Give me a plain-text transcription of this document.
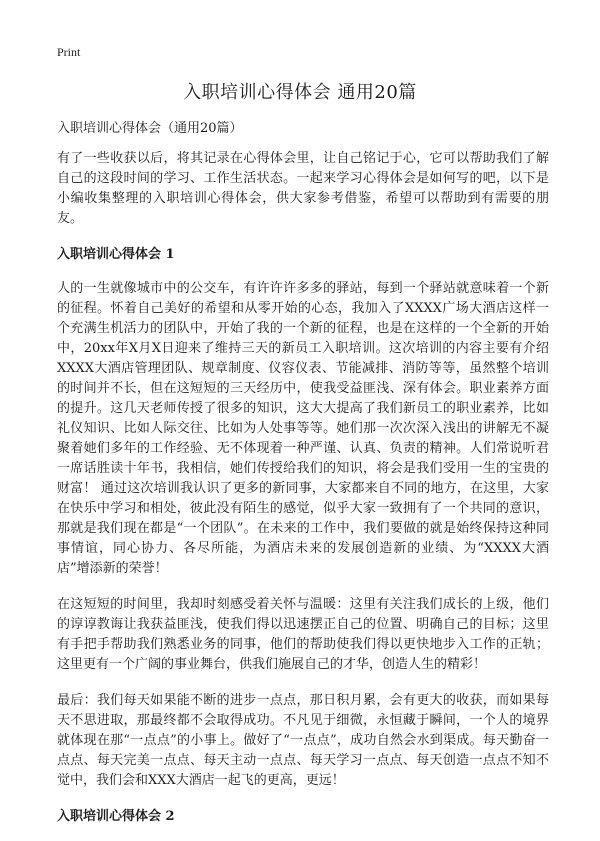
Print
入职培训心得体会 通用20篇

入职培训心得体会（通用20篇）

有了一些收获以后，将其记录在心得体会里，让自己铭记于心，它可以帮助我们了解自己的这段时间的学习、工作生活状态。一起来学习心得体会是如何写的吧，以下是小编收集整理的入职培训心得体会，供大家参考借鉴，希望可以帮助到有需要的朋友。

入职培训心得体会 1

人的一生就像城市中的公交车，有许许许多多的驿站，每到一个驿站就意味着一个新的征程。怀着自己美好的希望和从零开始的心态，我加入了XXXX广场大酒店这样一个充满生机活力的团队中，开始了我的一个新的征程，也是在这样的一个全新的开始中，20xx年X月X日迎来了维持三天的新员工入职培训。这次培训的内容主要有介绍XXXX大酒店管理团队、规章制度、仪容仪表、节能减排、消防等等，虽然整个培训的时间并不长，但在这短短的三天经历中，使我受益匪浅、深有体会。职业素养方面的提升。这几天老师传授了很多的知识，这大大提高了我们新员工的职业素养，比如礼仪知识、比如人际交往、比如为人处事等等。她们那一次次深入浅出的讲解无不凝聚着她们多年的工作经验、无不体现着一种严谨、认真、负责的精神。人们常说听君一席话胜读十年书，我相信，她们传授给我们的知识，将会是我们受用一生的宝贵的财富！ 通过这次培训我认识了更多的新同事，大家都来自不同的地方，在这里，大家在快乐中学习和相处，彼此没有陌生的感觉，似乎大家一致拥有了一个共同的意识，那就是我们现在都是“一个团队”。在未来的工作中，我们要做的就是始终保持这种同事情谊，同心协力、各尽所能，为酒店未来的发展创造新的业绩、为“XXXX大酒店”增添新的荣誉！

在这短短的时间里，我却时刻感受着关怀与温暖：这里有关注我们成长的上级，他们的谆谆教诲让我获益匪浅，使我们得以迅速摆正自己的位置、明确自己的目标；这里有手把手帮助我们熟悉业务的同事，他们的帮助使我们得以更快地步入工作的正轨；这里更有一个广阔的事业舞台，供我们施展自己的才华，创造人生的精彩！

最后：我们每天如果能不断的进步一点点，那日积月累，会有更大的收获，而如果每天不思进取，那最终都不会取得成功。不凡见于细微，永恒藏于瞬间，一个人的境界就体现在那“一点点”的小事上。做好了“一点点”，成功自然会水到渠成。每天勤奋一点点、每天完美一点点、每天主动一点点、每天学习一点点、每天创造一点点不知不觉中，我们会和XXX大酒店一起飞的更高，更远！

入职培训心得体会 2
